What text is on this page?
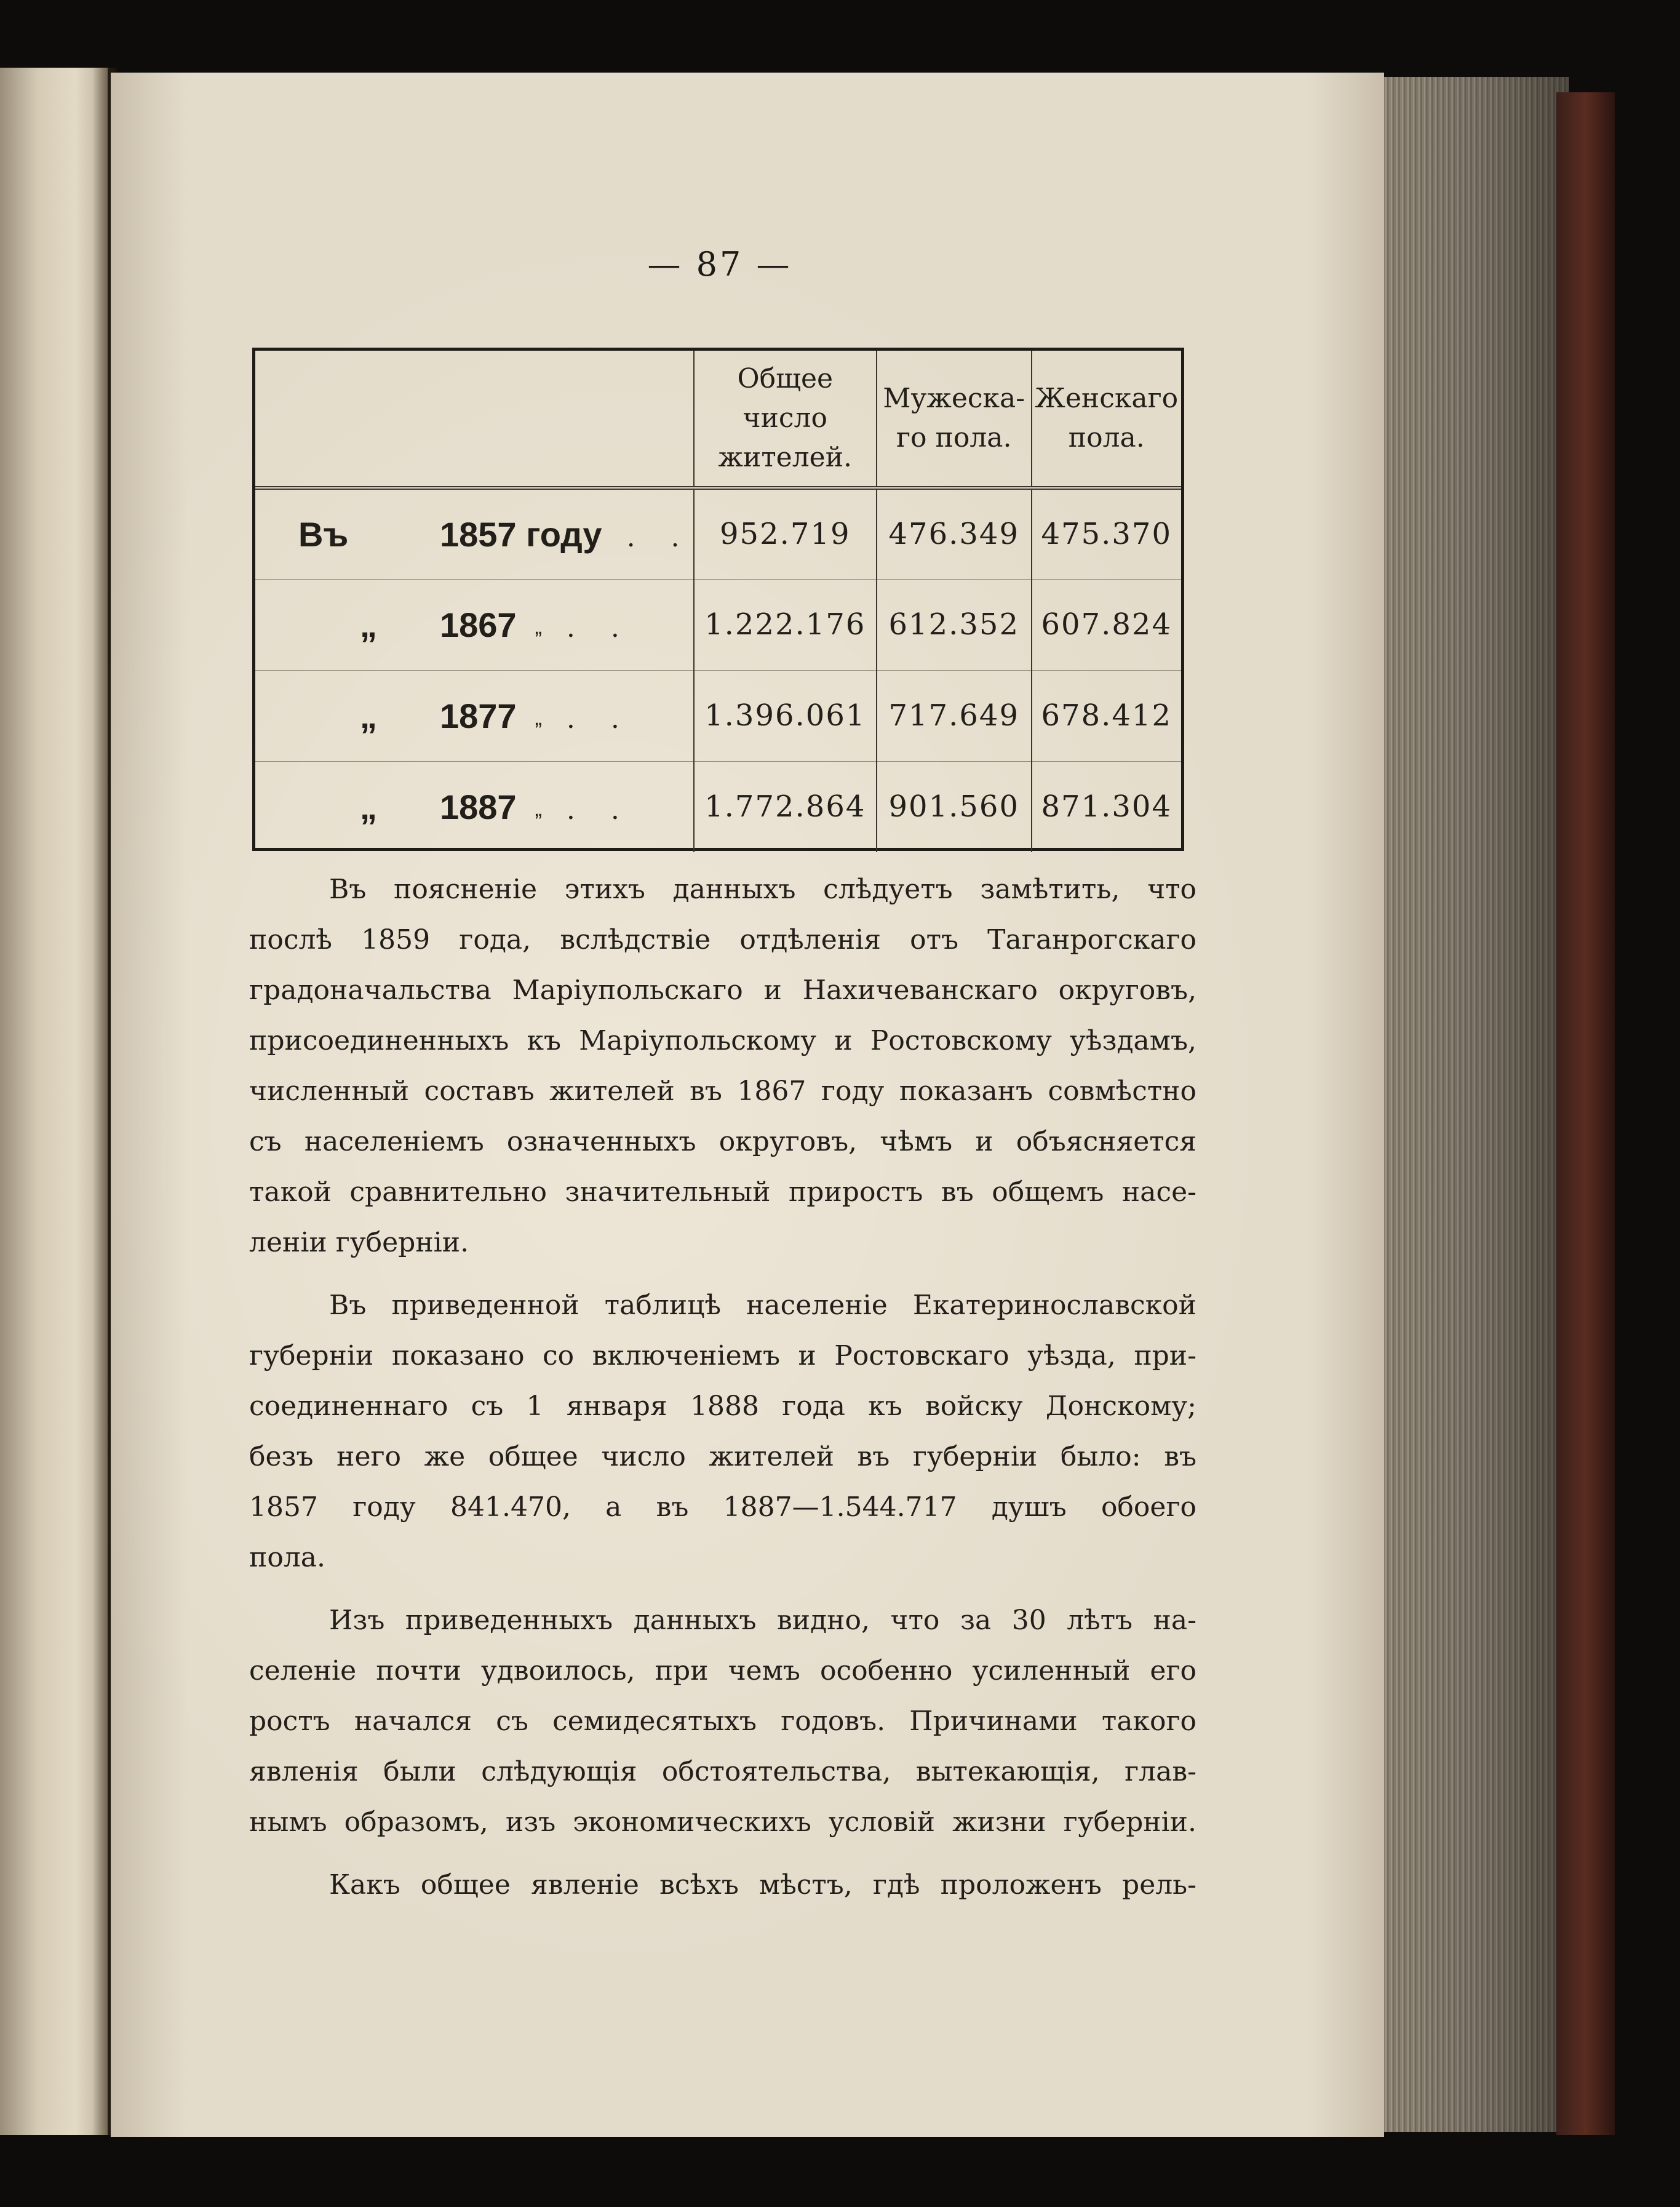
— 87 —
	Общее число жителей.	Мужеска- го пола.	Женскаго пола.
Въ 1857 году . .	952.719	476.349	475.370
„ 1867 „ . .	1.222.176	612.352	607.824
„ 1877 „ . .	1.396.061	717.649	678.412
„ 1887 „ . .	1.772.864	901.560	871.304
Въ поясненіе этихъ данныхъ слѣдуетъ замѣтить, что
послѣ 1859 года, вслѣдствіе отдѣленія отъ Таганрогскаго
градоначальства Маріупольскаго и Нахичеванскаго округовъ,
присоединенныхъ къ Маріупольскому и Ростовскому уѣздамъ,
численный составъ жителей въ 1867 году показанъ совмѣстно
съ населеніемъ означенныхъ округовъ, чѣмъ и объясняется
такой сравнительно значительный приростъ въ общемъ насе-
леніи губерніи.
Въ приведенной таблицѣ населеніе Екатеринославской
губерніи показано со включеніемъ и Ростовскаго уѣзда, при-
соединеннаго съ 1 января 1888 года къ войску Донскому;
безъ него же общее число жителей въ губерніи было: въ
1857 году 841.470, а въ 1887—1.544.717 душъ обоего
пола.
Изъ приведенныхъ данныхъ видно, что за 30 лѣтъ на-
селеніе почти удвоилось, при чемъ особенно усиленный его
ростъ начался съ семидесятыхъ годовъ. Причинами такого
явленія были слѣдующія обстоятельства, вытекающія, глав-
нымъ образомъ, изъ экономическихъ условій жизни губерніи.
Какъ общее явленіе всѣхъ мѣстъ, гдѣ проложенъ рель-
